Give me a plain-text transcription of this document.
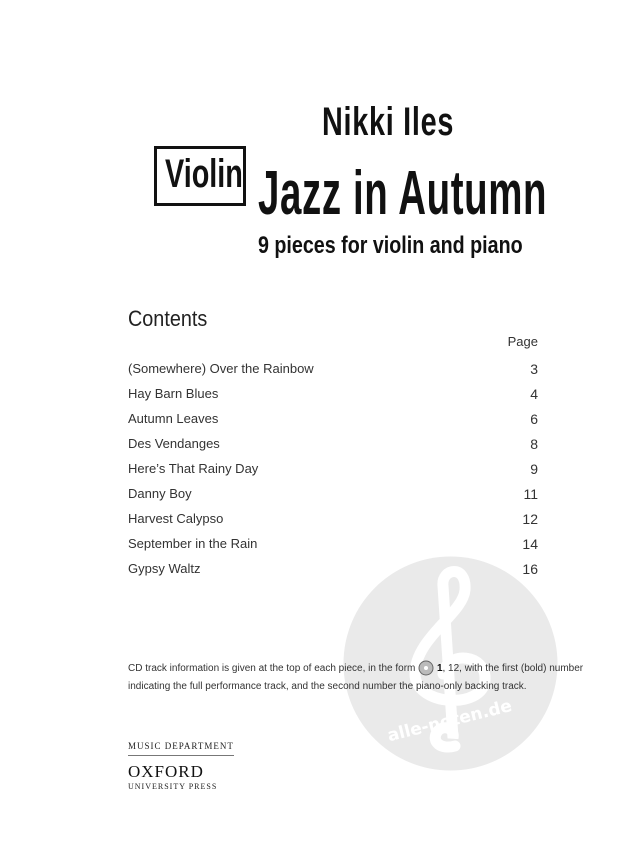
Nikki Iles
Violin Jazz in Autumn
9 pieces for violin and piano
Contents
Page
(Somewhere) Over the Rainbow	3
Hay Barn Blues	4
Autumn Leaves	6
Des Vendanges	8
Here’s That Rainy Day	9
Danny Boy	11
Harvest Calypso	12
September in the Rain	14
Gypsy Waltz	16
alle-noten.de
CD track information is given at the top of each piece, in the form 1, 12, with the first (bold) number indicating the full performance track, and the second number the piano-only backing track.
MUSIC DEPARTMENT
OXFORD
UNIVERSITY PRESS
